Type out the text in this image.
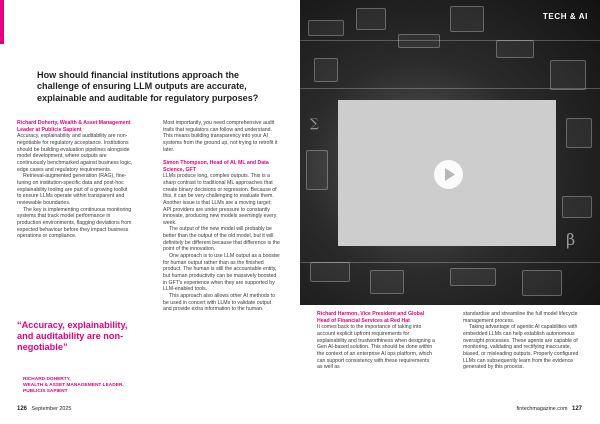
β
∑
TECH & AI
How should financial institutions approach the challenge of ensuring LLM outputs are accurate, explainable and auditable for regulatory purposes?

Richard Doherty, Wealth & Asset Management Leader at Publicis Sapient

Accuracy, explainability and auditability are non-negotiable for regulatory acceptance. Institutions should be building evaluation pipelines alongside model development, where outputs are continuously benchmarked against business logic, edge cases and regulatory requirements.

Retrieval-augmented generation (RAG), fine-tuning on institution-specific data and post-hoc explainability tooling are part of a growing toolkit to ensure LLMs operate within transparent and reviewable boundaries.

The key is implementing continuous monitoring systems that track model performance in production environments, flagging deviations from expected behaviour before they impact business operations or compliance.

“Accuracy, explainability, and auditability are non-negotiable”
RICHARD DOHERTY,
WEALTH & ASSET MANAGEMENT LEADER,
PUBLICIS SAPIENT

Most importantly, you need comprehensive audit trails that regulators can follow and understand. This means building transparency into your AI systems from the ground up, not trying to retrofit it later.

Simon Thompson, Head of AI, ML and Data Science, GFT

LLMs produce long, complex outputs. This is a sharp contrast to traditional ML approaches that create binary decisions or regression. Because of this, it can be very challenging to evaluate them. Another issue is that LLMs are a moving target; API providers are under pressure to constantly innovate, producing new models seemingly every week.

The output of the new model will probably be better than the output of the old model, but it will definitely be different because that difference is the point of the innovation.

One approach is to use LLM output as a booster for human output rather than as the finished product. The human is still the accountable entity, but human productivity can be massively boosted in GFT's experience when they are supported by LLM-enabled tools.

This approach also allows other AI methods to be used in concert with LLMs to validate output and provide extra information to the human.

Richard Harmon, Vice President and Global Head of Financial Services at Red Hat

It comes back to the importance of taking into account explicit upfront requirements for explainability and trustworthiness when designing a Gen AI-based solution. This should be done within the context of an enterprise AI ops platform, which can support consistency with these requirements as well as

standardise and streamline the full model lifecycle management process.

Taking advantage of agentic AI capabilities with embedded LLMs can help establish autonomous oversight processes. These agents are capable of monitoring, validating and rectifying inaccurate, biased, or misleading outputs. Properly configured LLMs can subsequently learn from the evidence generated by this process.

126 September 2025	fintechmagazine.com 127
